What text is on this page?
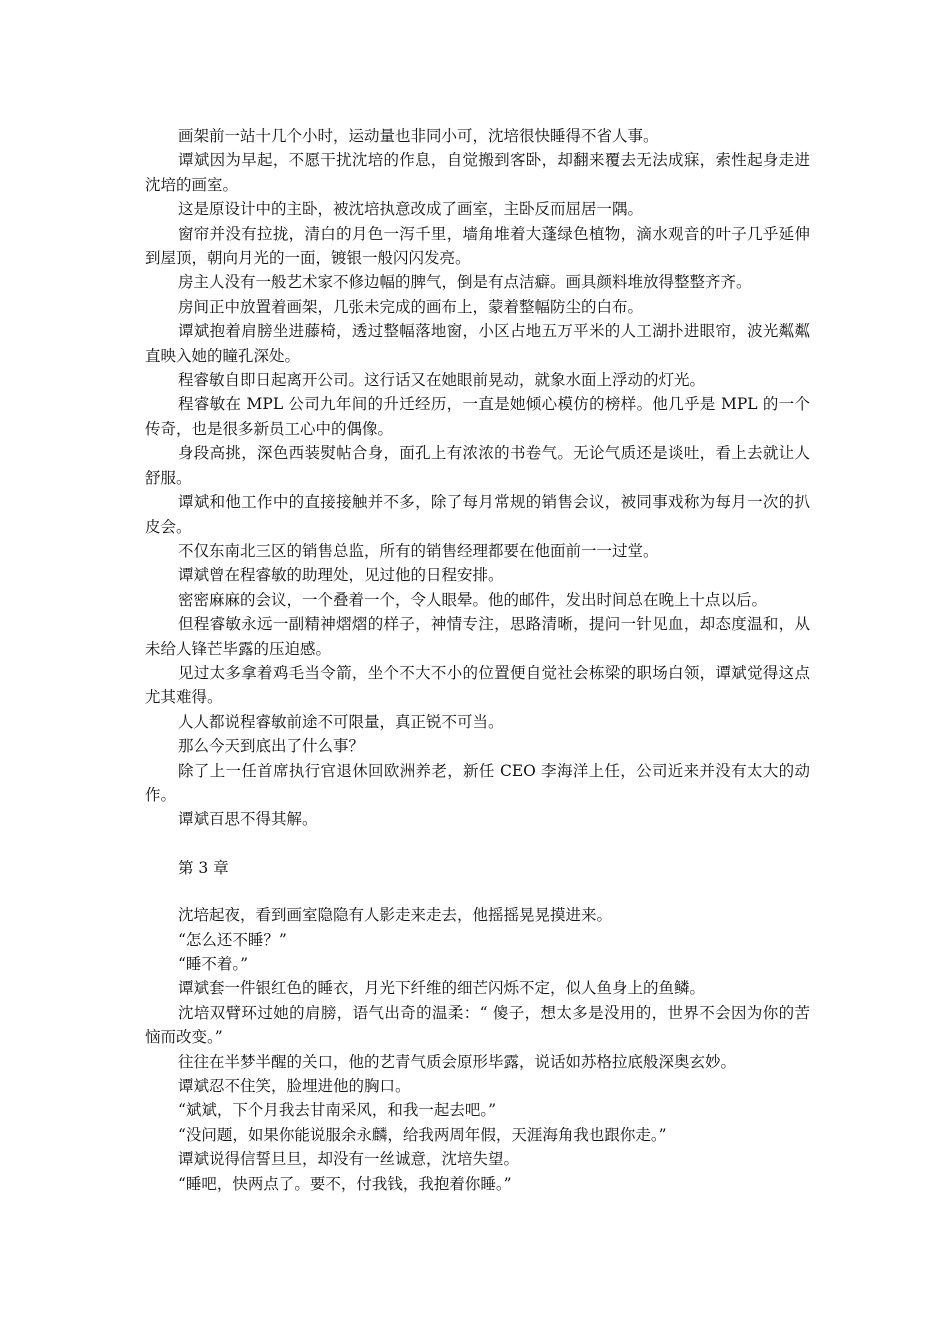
画架前一站十几个小时，运动量也非同小可，沈培很快睡得不省人事。

谭斌因为早起，不愿干扰沈培的作息，自觉搬到客卧，却翻来覆去无法成寐，索性起身走进沈培的画室。

这是原设计中的主卧，被沈培执意改成了画室，主卧反而屈居一隅。

窗帘并没有拉拢，清白的月色一泻千里，墙角堆着大蓬绿色植物，滴水观音的叶子几乎延伸到屋顶，朝向月光的一面，镀银一般闪闪发亮。

房主人没有一般艺术家不修边幅的脾气，倒是有点洁癖。画具颜料堆放得整整齐齐。

房间正中放置着画架，几张未完成的画布上，蒙着整幅防尘的白布。

谭斌抱着肩膀坐进藤椅，透过整幅落地窗，小区占地五万平米的人工湖扑进眼帘，波光粼粼直映入她的瞳孔深处。

程睿敏自即日起离开公司。这行话又在她眼前晃动，就象水面上浮动的灯光。

程睿敏在 MPL 公司九年间的升迁经历，一直是她倾心模仿的榜样。他几乎是 MPL 的一个传奇，也是很多新员工心中的偶像。

身段高挑，深色西装熨帖合身，面孔上有浓浓的书卷气。无论气质还是谈吐，看上去就让人舒服。

谭斌和他工作中的直接接触并不多，除了每月常规的销售会议，被同事戏称为每月一次的扒皮会。

不仅东南北三区的销售总监，所有的销售经理都要在他面前一一过堂。

谭斌曾在程睿敏的助理处，见过他的日程安排。

密密麻麻的会议，一个叠着一个，令人眼晕。他的邮件，发出时间总在晚上十点以后。

但程睿敏永远一副精神熠熠的样子，神情专注，思路清晰，提问一针见血，却态度温和，从未给人锋芒毕露的压迫感。

见过太多拿着鸡毛当令箭，坐个不大不小的位置便自觉社会栋梁的职场白领，谭斌觉得这点尤其难得。

人人都说程睿敏前途不可限量，真正锐不可当。

那么今天到底出了什么事？

除了上一任首席执行官退休回欧洲养老，新任 CEO 李海洋上任，公司近来并没有太大的动作。

谭斌百思不得其解。

第 3 章

沈培起夜，看到画室隐隐有人影走来走去，他摇摇晃晃摸进来。

“怎么还不睡？”

“睡不着。”

谭斌套一件银红色的睡衣，月光下纤维的细芒闪烁不定，似人鱼身上的鱼鳞。

沈培双臂环过她的肩膀，语气出奇的温柔：“ 傻子，想太多是没用的，世界不会因为你的苦恼而改变。”

往往在半梦半醒的关口，他的艺青气质会原形毕露，说话如苏格拉底般深奥玄妙。

谭斌忍不住笑，脸埋进他的胸口。

“斌斌，下个月我去甘南采风，和我一起去吧。”

“没问题，如果你能说服余永麟，给我两周年假，天涯海角我也跟你走。”

谭斌说得信誓旦旦，却没有一丝诚意，沈培失望。

“睡吧，快两点了。要不，付我钱，我抱着你睡。”
